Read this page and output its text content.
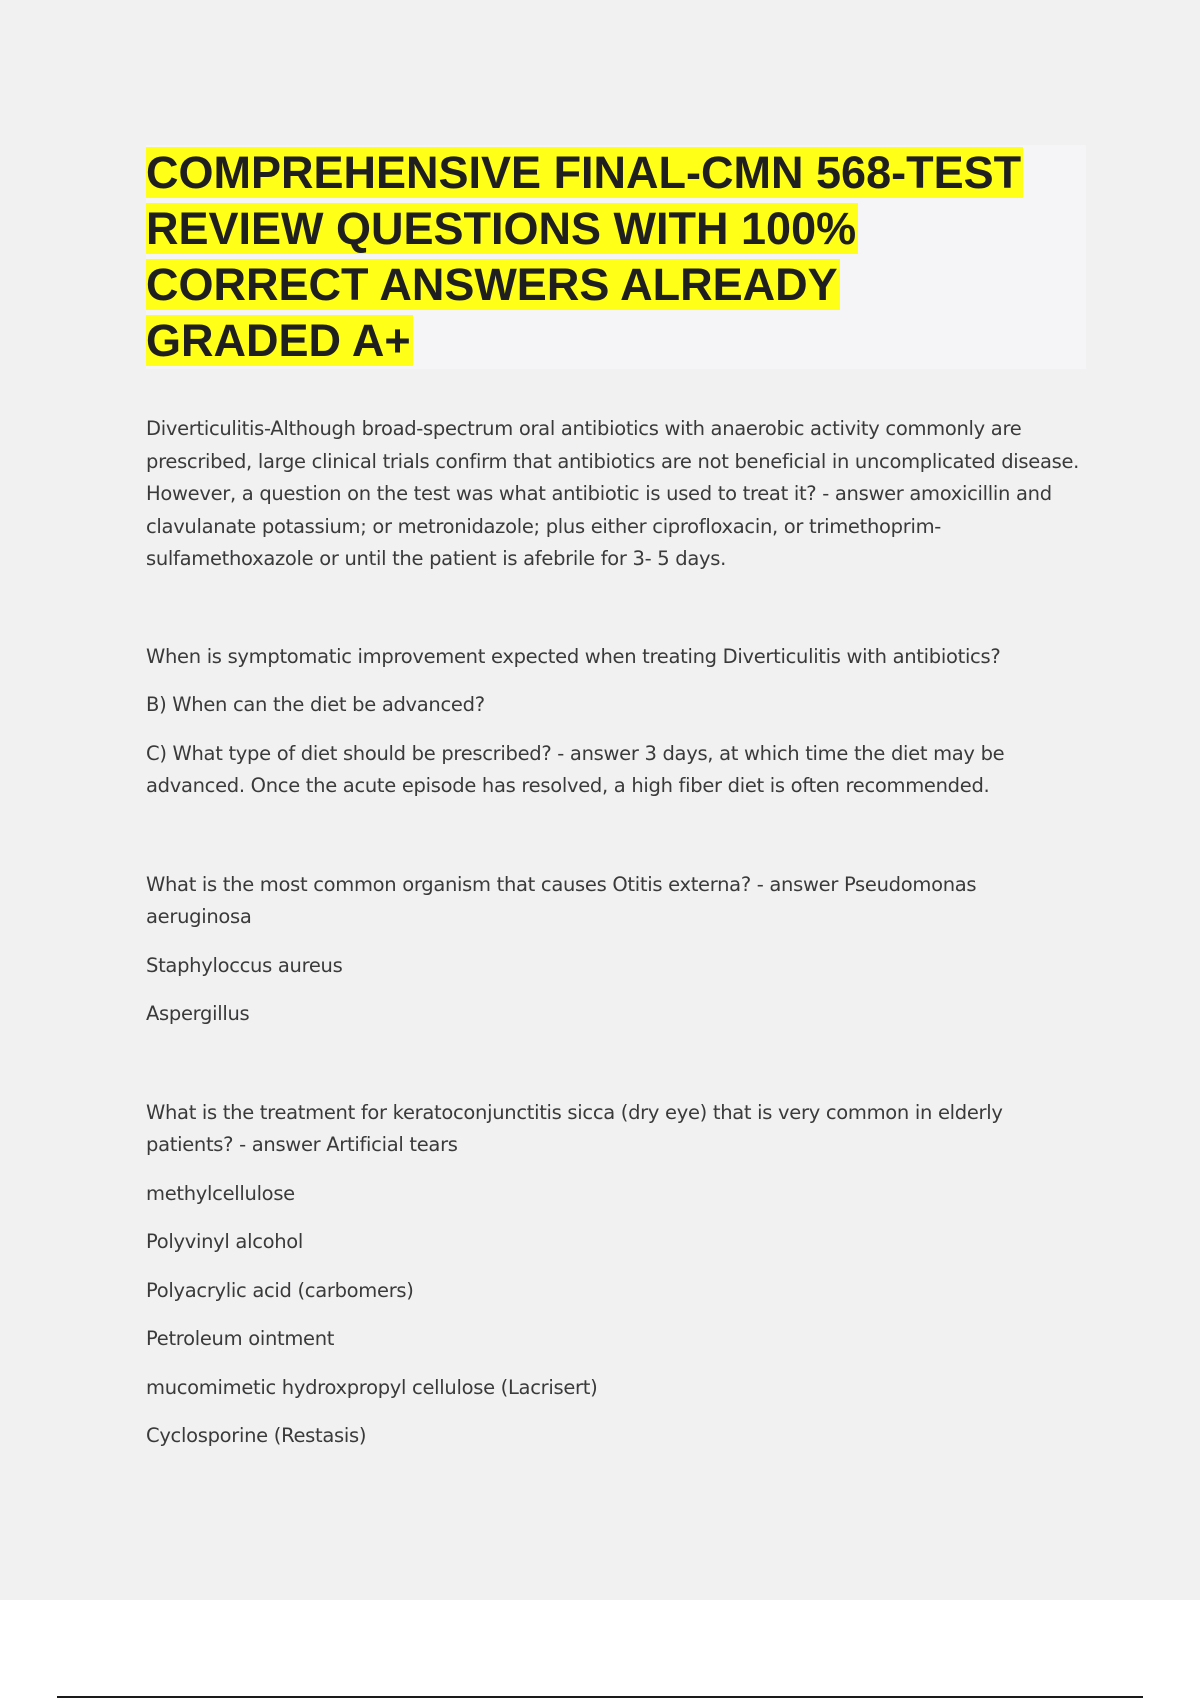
COMPREHENSIVE FINAL-CMN 568-TEST
REVIEW QUESTIONS WITH 100%
CORRECT ANSWERS ALREADY
GRADED A+

Diverticulitis-Although broad-spectrum oral antibiotics with anaerobic activity commonly are prescribed, large clinical trials confirm that antibiotics are not beneficial in uncomplicated disease. However, a question on the test was what antibiotic is used to treat it? - answer amoxicillin and clavulanate potassium; or metronidazole; plus either ciprofloxacin, or trimethoprim-sulfamethoxazole or until the patient is afebrile for 3- 5 days.

When is symptomatic improvement expected when treating Diverticulitis with antibiotics?

B) When can the diet be advanced?

C) What type of diet should be prescribed? - answer 3 days, at which time the diet may be advanced. Once the acute episode has resolved, a high fiber diet is often recommended.

What is the most common organism that causes Otitis externa? - answer Pseudomonas aeruginosa

Staphyloccus aureus

Aspergillus

What is the treatment for keratoconjunctitis sicca (dry eye) that is very common in elderly patients? - answer Artificial tears

methylcellulose

Polyvinyl alcohol

Polyacrylic acid (carbomers)

Petroleum ointment

mucomimetic hydroxpropyl cellulose (Lacrisert)

Cyclosporine (Restasis)
